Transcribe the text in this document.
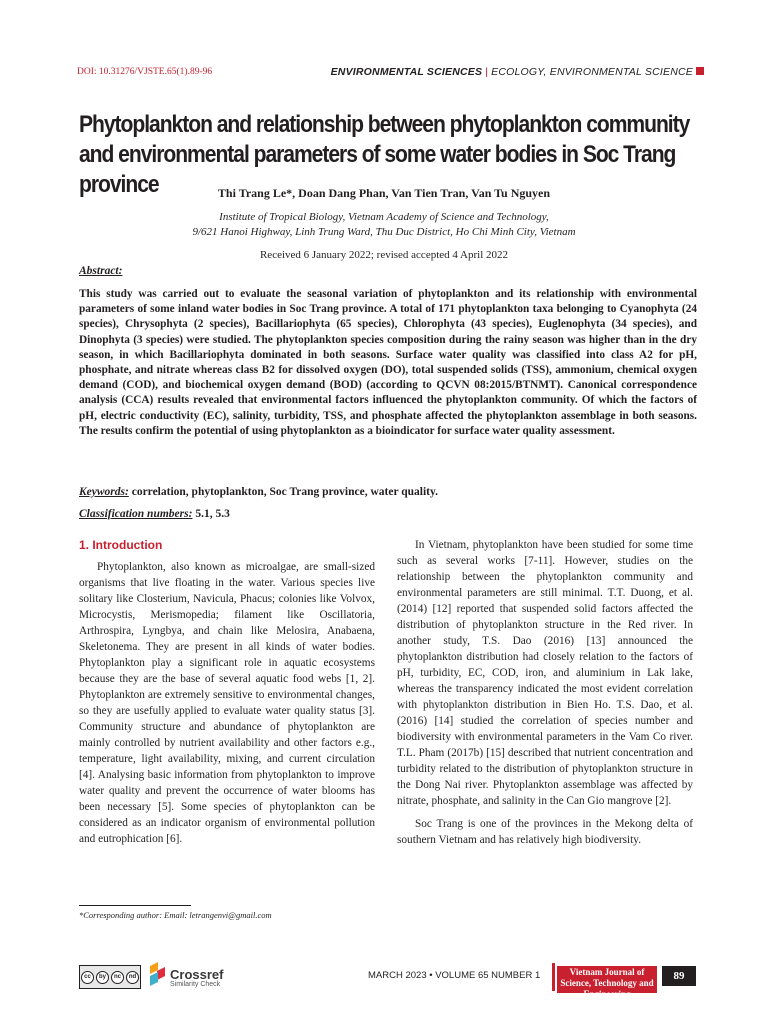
DOI: 10.31276/VJSTE.65(1).89-96	ENVIRONMENTAL SCIENCES | ECOLOGY, ENVIRONMENTAL SCIENCE
Phytoplankton and relationship between phytoplankton community and environmental parameters of some water bodies in Soc Trang province	Thi Trang Le*, Doan Dang Phan, Van Tien Tran, Van Tu Nguyen
Institute of Tropical Biology, Vietnam Academy of Science and Technology,
9/621 Hanoi Highway, Linh Trung Ward, Thu Duc District, Ho Chi Minh City, Vietnam
Received 6 January 2022; revised accepted 4 April 2022
Abstract:
This study was carried out to evaluate the seasonal variation of phytoplankton and its relationship with environmental parameters of some inland water bodies in Soc Trang province. A total of 171 phytoplankton taxa belonging to Cyanophyta (24 species), Chrysophyta (2 species), Bacillariophyta (65 species), Chlorophyta (43 species), Euglenophyta (34 species), and Dinophyta (3 species) were studied. The phytoplankton species composition during the rainy season was higher than in the dry season, in which Bacillariophyta dominated in both seasons. Surface water quality was classified into class A2 for pH, phosphate, and nitrate whereas class B2 for dissolved oxygen (DO), total suspended solids (TSS), ammonium, chemical oxygen demand (COD), and biochemical oxygen demand (BOD) (according to QCVN 08:2015/BTNMT). Canonical correspondence analysis (CCA) results revealed that environmental factors influenced the phytoplankton community. Of which the factors of pH, electric conductivity (EC), salinity, turbidity, TSS, and phosphate affected the phytoplankton assemblage in both seasons. The results confirm the potential of using phytoplankton as a bioindicator for surface water quality assessment.
Keywords: correlation, phytoplankton, Soc Trang province, water quality.
Classification numbers: 5.1, 5.3
1. Introduction

Phytoplankton, also known as microalgae, are small-sized organisms that live floating in the water. Various species live solitary like Closterium, Navicula, Phacus; colonies like Volvox, Microcystis, Merismopedia; filament like Oscillatoria, Arthrospira, Lyngbya, and chain like Melosira, Anabaena, Skeletonema. They are present in all kinds of water bodies. Phytoplankton play a significant role in aquatic ecosystems because they are the base of several aquatic food webs [1, 2]. Phytoplankton are extremely sensitive to environmental changes, so they are usefully applied to evaluate water quality status [3]. Community structure and abundance of phytoplankton are mainly controlled by nutrient availability and other factors e.g., temperature, light availability, mixing, and current circulation [4]. Analysing basic information from phytoplankton to improve water quality and prevent the occurrence of water blooms has been necessary [5]. Some species of phytoplankton can be considered as an indicator organism of environmental pollution and eutrophication [6].

In Vietnam, phytoplankton have been studied for some time such as several works [7-11]. However, studies on the relationship between the phytoplankton community and environmental parameters are still minimal. T.T. Duong, et al. (2014) [12] reported that suspended solid factors affected the distribution of phytoplankton structure in the Red river. In another study, T.S. Dao (2016) [13] announced the phytoplankton distribution had closely relation to the factors of pH, turbidity, EC, COD, iron, and aluminium in Lak lake, whereas the transparency indicated the most evident correlation with phytoplankton distribution in Bien Ho. T.S. Dao, et al. (2016) [14] studied the correlation of species number and biodiversity with environmental parameters in the Vam Co river. T.L. Pham (2017b) [15] described that nutrient concentration and turbidity related to the distribution of phytoplankton structure in the Dong Nai river. Phytoplankton assemblage was affected by nitrate, phosphate, and salinity in the Can Gio mangrove [2].

Soc Trang is one of the provinces in the Mekong delta of southern Vietnam and has relatively high biodiversity.

*Corresponding author: Email: letrangenvi@gmail.com
cc	by	nc	nd	Crossref
Similarity Check
MARCH 2023 • VOLUME 65 NUMBER 1	Vietnam Journal of Science, Technology and Engineering
89
